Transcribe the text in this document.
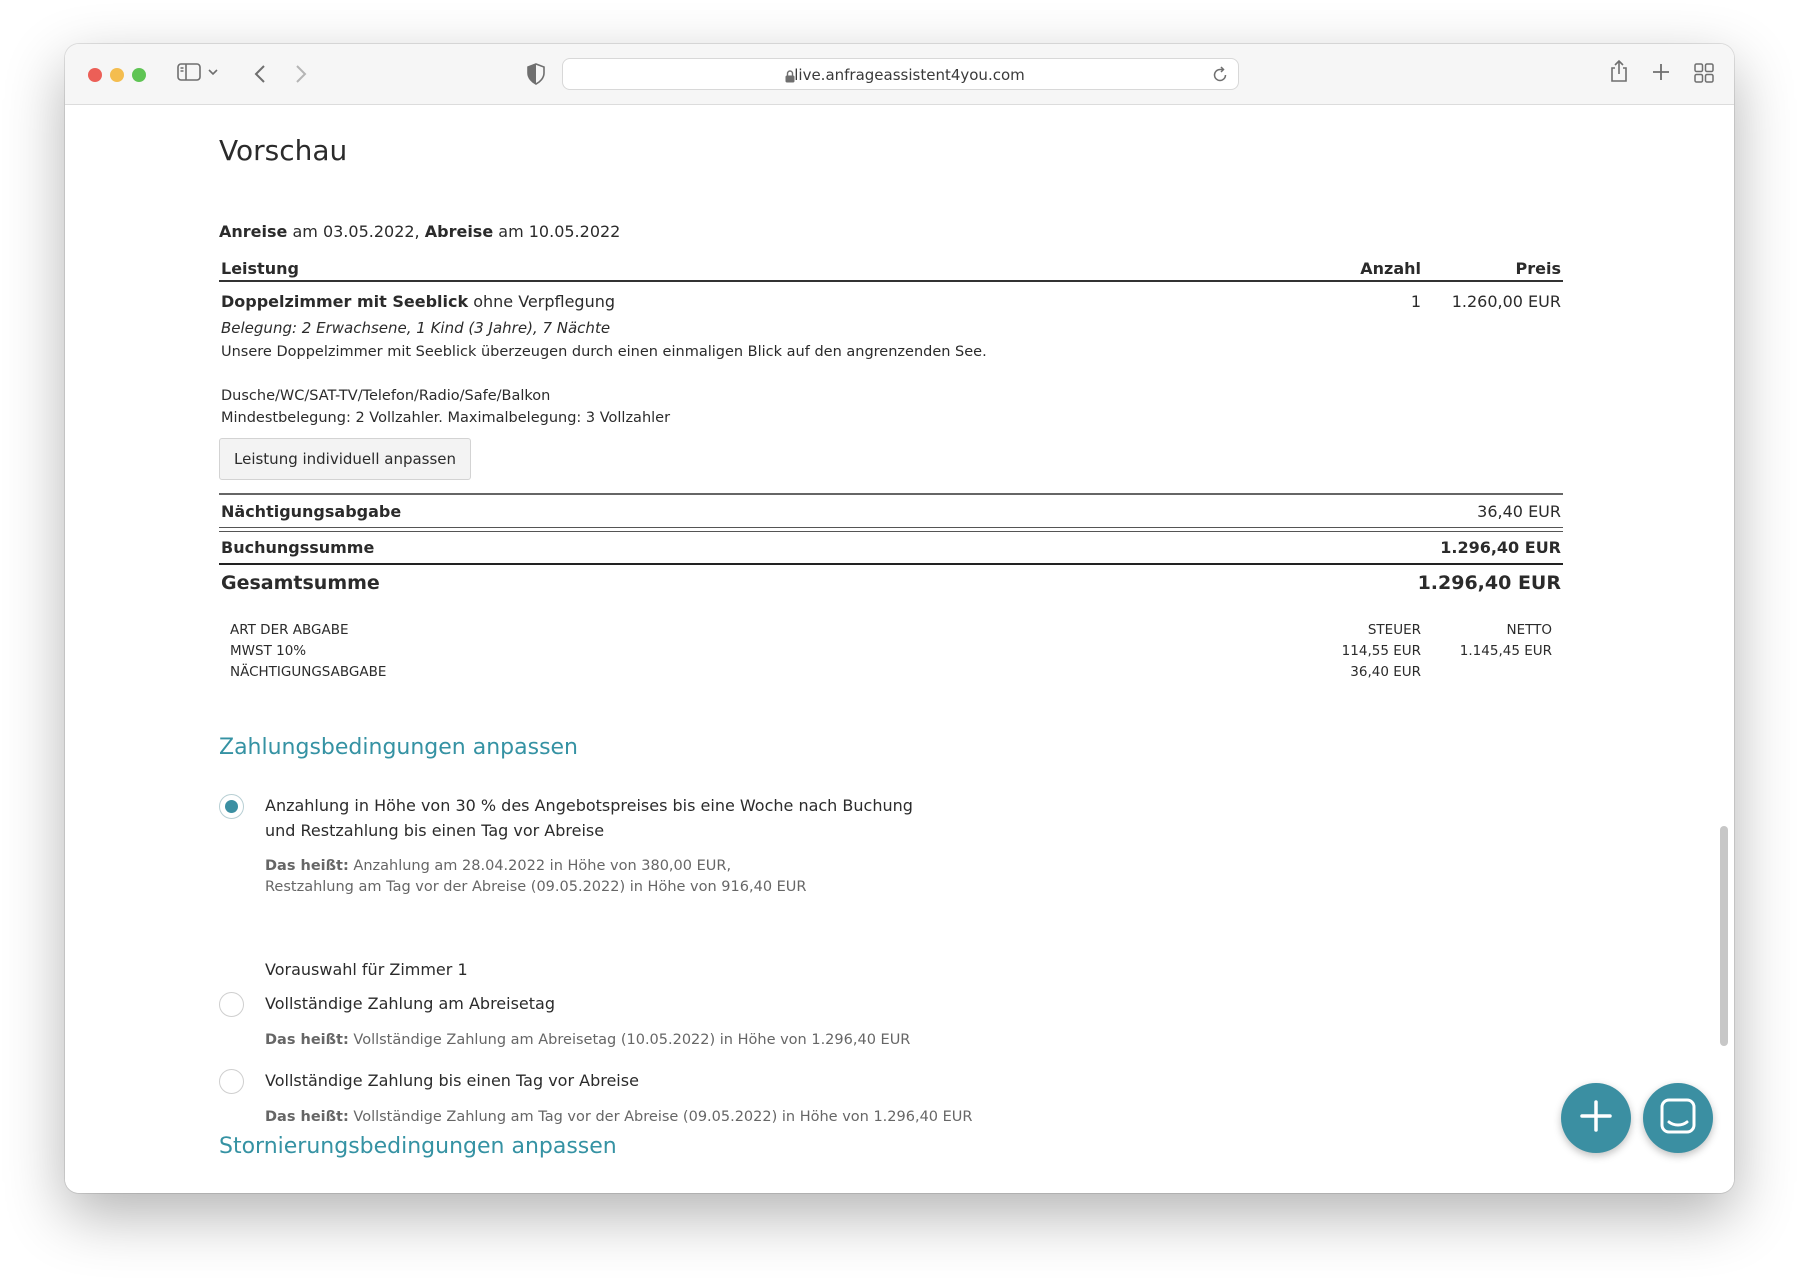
live.anfrageassistent4you.com
Vorschau
Anreise am 03.05.2022, Abreise am 10.05.2022
Leistung	Anzahl	Preis
Doppelzimmer mit Seeblick ohne Verpflegung	1 1.260,00 EUR
Belegung: 2 Erwachsene, 1 Kind (3 Jahre), 7 Nächte
Unsere Doppelzimmer mit Seeblick überzeugen durch einen einmaligen Blick auf den angrenzenden See.
Dusche/WC/SAT-TV/Telefon/Radio/Safe/Balkon
Mindestbelegung: 2 Vollzahler. Maximalbelegung: 3 Vollzahler
Leistung individuell anpassen
Nächtigungsabgabe	36,40 EUR
Buchungssumme	1.296,40 EUR
Gesamtsumme	1.296,40 EUR
ART DER ABGABE	STEUER	NETTO
MWST 10%	114,55 EUR	1.145,45 EUR
NÄCHTIGUNGSABGABE	36,40 EUR
Zahlungsbedingungen anpassen
Anzahlung in Höhe von 30 % des Angebotspreises bis eine Woche nach Buchung
und Restzahlung bis einen Tag vor Abreise
Das heißt: Anzahlung am 28.04.2022 in Höhe von 380,00 EUR,
Restzahlung am Tag vor der Abreise (09.05.2022) in Höhe von 916,40 EUR
Vorauswahl für Zimmer 1
Vollständige Zahlung am Abreisetag
Das heißt: Vollständige Zahlung am Abreisetag (10.05.2022) in Höhe von 1.296,40 EUR
Vollständige Zahlung bis einen Tag vor Abreise
Das heißt: Vollständige Zahlung am Tag vor der Abreise (09.05.2022) in Höhe von 1.296,40 EUR
Stornierungsbedingungen anpassen
